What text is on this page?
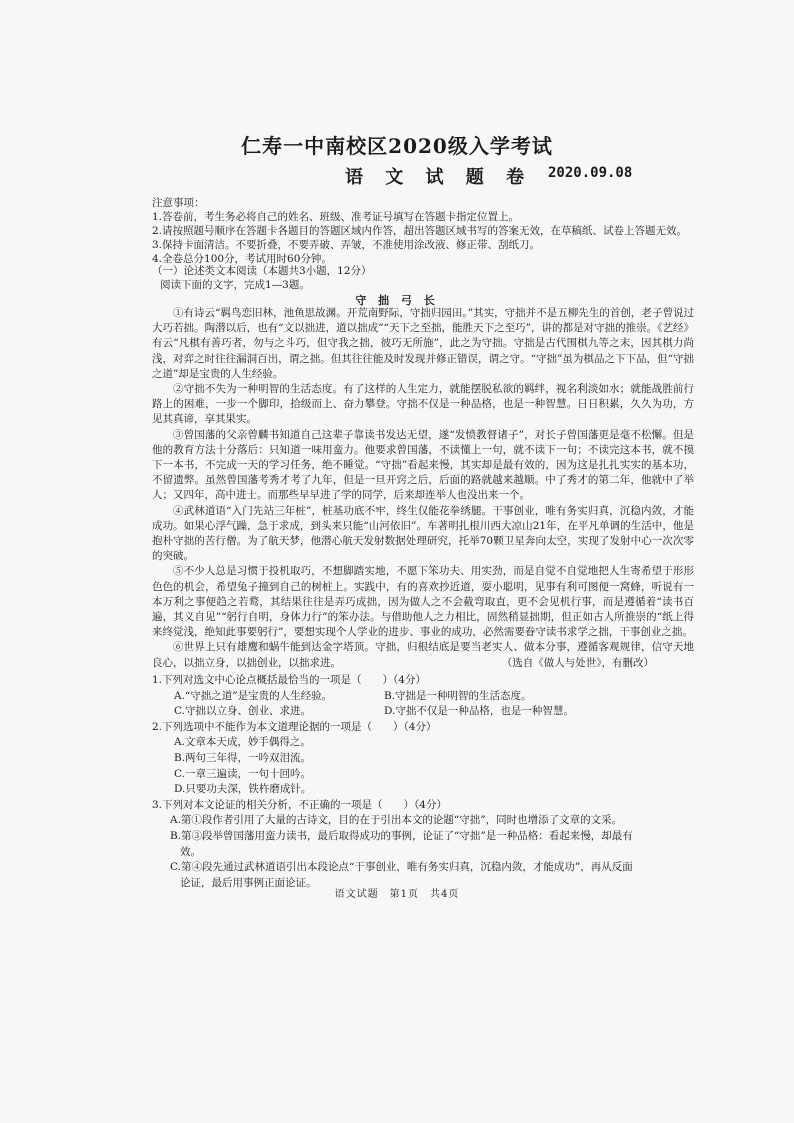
仁寿一中南校区2020级入学考试
语 文 试 题 卷 2020.09.08
注意事项：
1.答卷前，考生务必将自己的姓名、班级、准考证号填写在答题卡指定位置上。
2.请按照题号顺序在答题卡各题目的答题区域内作答，超出答题区域书写的答案无效，在草稿纸、试卷上答题无效。
3.保持卡面清洁。不要折叠，不要弄破、弄皱，不准使用涂改液、修正带、刮纸刀。
4.全卷总分100分，考试用时60分钟。
（一）论述类文本阅读（本题共3小题，12分）
阅读下面的文字，完成1—3题。
守 拙 弓 长

①有诗云“羁鸟恋旧林，池鱼思故渊。开荒南野际，守拙归园田。”其实，守拙并不是五柳先生的首创，老子曾说过大巧若拙。陶潜以后，也有“文以拙进，道以拙成”“天下之至拙，能胜天下之至巧”，讲的都是对守拙的推崇。《艺经》有云“凡棋有善巧者，勿与之斗巧，但守我之拙，彼巧无所施”，此之为守拙。守拙是古代围棋九等之末，因其棋力尚浅，对弈之时往往漏洞百出，谓之拙。但其往往能及时发现并修正错误，谓之守。“守拙”虽为棋品之下下品，但“守拙之道”却是宝贵的人生经验。

②守拙不失为一种明智的生活态度。有了这样的人生定力，就能摆脱私欲的羁绊，视名利淡如水；就能战胜前行路上的困难，一步一个脚印，拾级而上、奋力攀登。守拙不仅是一种品格，也是一种智慧。日日积累，久久为功，方见其真谛，享其果实。

③曾国藩的父亲曾麟书知道自己这辈子靠读书发达无望，遂“发愤教督诸子”，对长子曾国藩更是毫不松懈。但是他的教育方法十分落后：只知道一味用蛮力。他要求曾国藩，不读懂上一句，就不读下一句；不读完这本书，就不摸下一本书，不完成一天的学习任务，绝不睡觉。“守拙”看起来慢，其实却是最有效的，因为这是扎扎实实的基本功，不留遗弊。虽然曾国藩考秀才考了九年，但是一旦开窍之后，后面的路就越来越顺。中了秀才的第二年，他就中了举人；又四年，高中进士。而那些早早进了学的同学，后来却连举人也没出来一个。

④武林道语“入门先站三年桩”，桩基功底不牢，终生仅能花拳绣腿。干事创业，唯有务实归真，沉稳内敛，才能成功。如果心浮气躁，急于求成，到头来只能“山河依旧”。车著明扎根川西大凉山21年，在平凡单调的生活中，他是抱朴守拙的苦行僧。为了航天梦，他潜心航天发射数据处理研究，托举70颗卫星奔向太空，实现了发射中心一次次零的突破。

⑤不少人总是习惯于投机取巧，不想脚踏实地，不愿下笨功夫、用实劲，而是自觉不自觉地把人生寄希望于形形色色的机会，希望兔子撞到自己的树桩上。实践中，有的喜欢抄近道，耍小聪明，见事有利可图便一窝蜂，听说有一本万利之事便趋之若鹜，其结果往往是弄巧成拙，因为做人之不会截弯取直，更不会见机行事，而是遵循着“读书百遍，其义自见”“躬行自明，身体力行”的笨办法。与借助他人之力相比，固然稍显拙期，但正如古人所推崇的“纸上得来终觉浅，绝知此事要躬行”，要想实现个人学业的进步、事业的成功，必然需要眷守读书求学之拙，干事创业之拙。

⑥世界上只有雄鹰和蜗牛能到达金字塔顶。守拙，归根结底是要当老实人、做本分事，遵循客观规律，信守天地良心，以拙立身，以拙创业，以拙求进。	（选自《做人与处世》，有删改）

1.下列对选文中心论点概括最恰当的一项是（　　）（4分）

A.“守拙之道”是宝贵的人生经验。	B.守拙是一种明智的生活态度。
C.守拙以立身、创业、求进。	D.守拙不仅是一种品格，也是一种智慧。

2.下列选项中不能作为本文道理论据的一项是（　　）（4分）

A.文章本天成，妙手偶得之。
B.两句三年得，一吟双泪流。
C.一章三遍读，一句十回吟。
D.只要功夫深，铁杵磨成针。

3.下列对本文论证的相关分析，不正确的一项是（　　）（4分）

A.第①段作者引用了大量的古诗文，目的在于引出本文的论题“守拙”，同时也增添了文章的文采。
B.第③段举曾国藩用蛮力读书，最后取得成功的事例，论证了“守拙”是一种品格：看起来慢，却最有效。
C.第④段先通过武林道语引出本段论点“干事创业，唯有务实归真，沉稳内敛，才能成功”，再从反面论证，最后用事例正面论证。
语文试题　第1页　共4页
